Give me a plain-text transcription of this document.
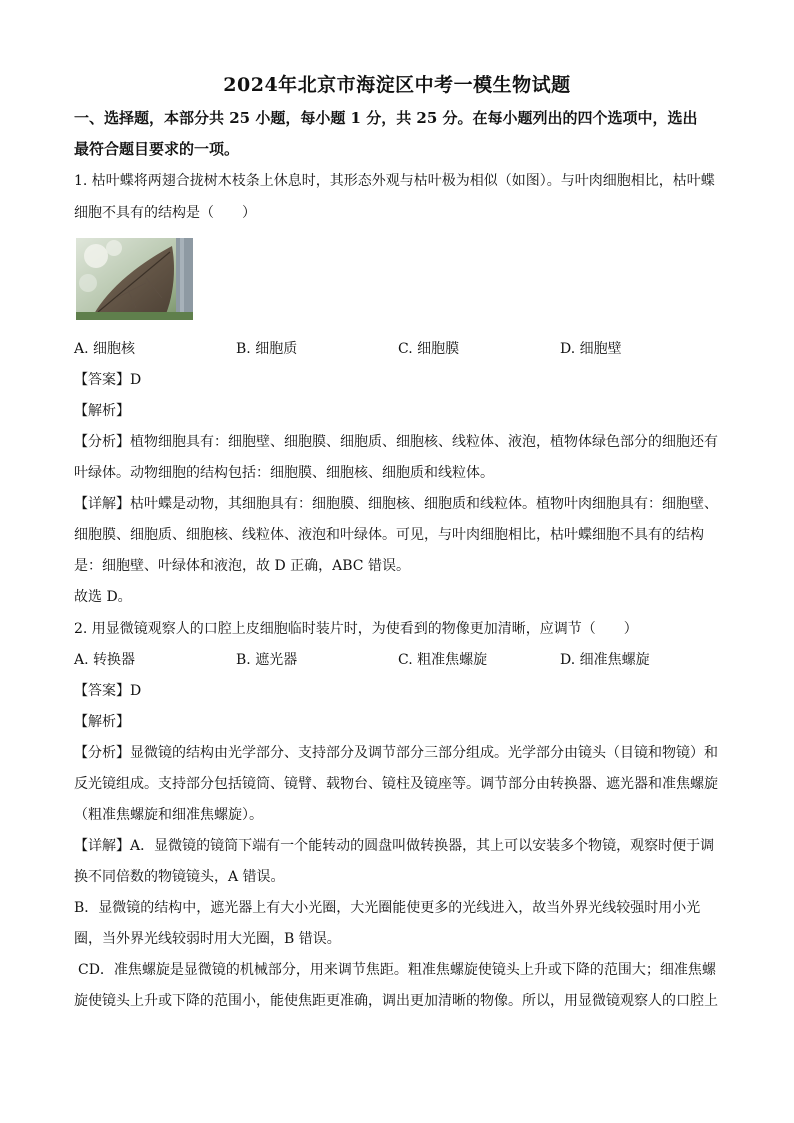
2024年北京市海淀区中考一模生物试题
一、选择题，本部分共 25 小题，每小题 1 分，共 25 分。在每小题列出的四个选项中，选出
最符合题目要求的一项。
1. 枯叶蝶将两翅合拢树木枝条上休息时，其形态外观与枯叶极为相似（如图）。与叶肉细胞相比，枯叶蝶
细胞不具有的结构是（　　）
A. 细胞核	B. 细胞质	C. 细胞膜	D. 细胞壁
【答案】D
【解析】
【分析】植物细胞具有：细胞壁、细胞膜、细胞质、细胞核、线粒体、液泡，植物体绿色部分的细胞还有
叶绿体。动物细胞的结构包括：细胞膜、细胞核、细胞质和线粒体。
【详解】枯叶蝶是动物，其细胞具有：细胞膜、细胞核、细胞质和线粒体。植物叶肉细胞具有：细胞壁、
细胞膜、细胞质、细胞核、线粒体、液泡和叶绿体。可见，与叶肉细胞相比，枯叶蝶细胞不具有的结构
是：细胞壁、叶绿体和液泡，故 D 正确，ABC 错误。
故选 D。
2. 用显微镜观察人的口腔上皮细胞临时装片时，为使看到的物像更加清晰，应调节（　　）
A. 转换器	B. 遮光器	C. 粗准焦螺旋	D. 细准焦螺旋
【答案】D
【解析】
【分析】显微镜的结构由光学部分、支持部分及调节部分三部分组成。光学部分由镜头（目镜和物镜）和
反光镜组成。支持部分包括镜筒、镜臂、载物台、镜柱及镜座等。调节部分由转换器、遮光器和准焦螺旋
（粗准焦螺旋和细准焦螺旋）。
【详解】A．显微镜的镜筒下端有一个能转动的圆盘叫做转换器，其上可以安装多个物镜，观察时便于调
换不同倍数的物镜镜头，A 错误。
B．显微镜的结构中，遮光器上有大小光圈，大光圈能使更多的光线进入，故当外界光线较强时用小光
圈，当外界光线较弱时用大光圈，B 错误。
CD．准焦螺旋是显微镜的机械部分，用来调节焦距。粗准焦螺旋使镜头上升或下降的范围大；细准焦螺
旋使镜头上升或下降的范围小，能使焦距更准确，调出更加清晰的物像。所以，用显微镜观察人的口腔上
